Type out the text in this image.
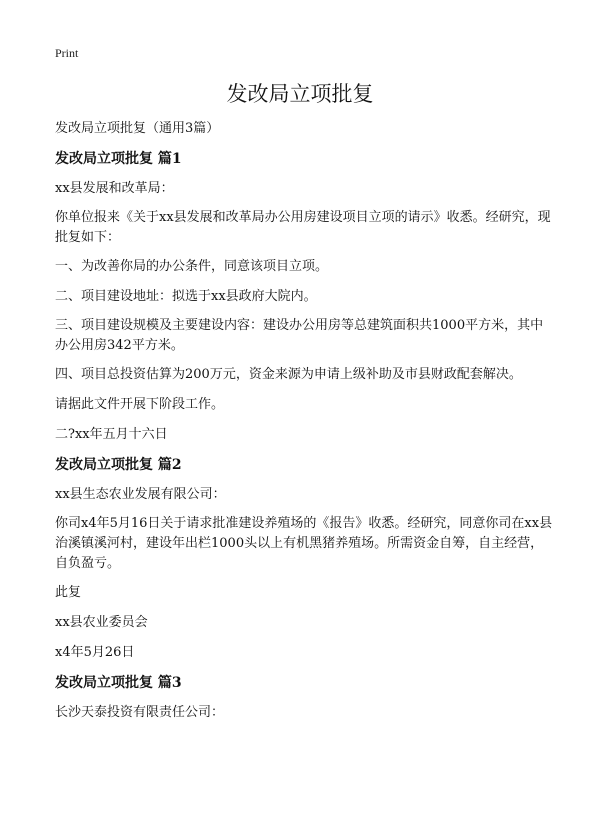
Print
发改局立项批复

发改局立项批复（通用3篇）

发改局立项批复 篇1

xx县发展和改革局：

你单位报来《关于xx县发展和改革局办公用房建设项目立项的请示》收悉。经研究，现批复如下：

一、为改善你局的办公条件，同意该项目立项。

二、项目建设地址：拟选于xx县政府大院内。

三、项目建设规模及主要建设内容：建设办公用房等总建筑面积共1000平方米，其中办公用房342平方米。

四、项目总投资估算为200万元，资金来源为申请上级补助及市县财政配套解决。

请据此文件开展下阶段工作。

二?xx年五月十六日

发改局立项批复 篇2

xx县生态农业发展有限公司：

你司x4年5月16日关于请求批准建设养殖场的《报告》收悉。经研究，同意你司在xx县治溪镇溪河村，建设年出栏1000头以上有机黑猪养殖场。所需资金自筹，自主经营，自负盈亏。

此复

xx县农业委员会

x4年5月26日

发改局立项批复 篇3

长沙天泰投资有限责任公司：
